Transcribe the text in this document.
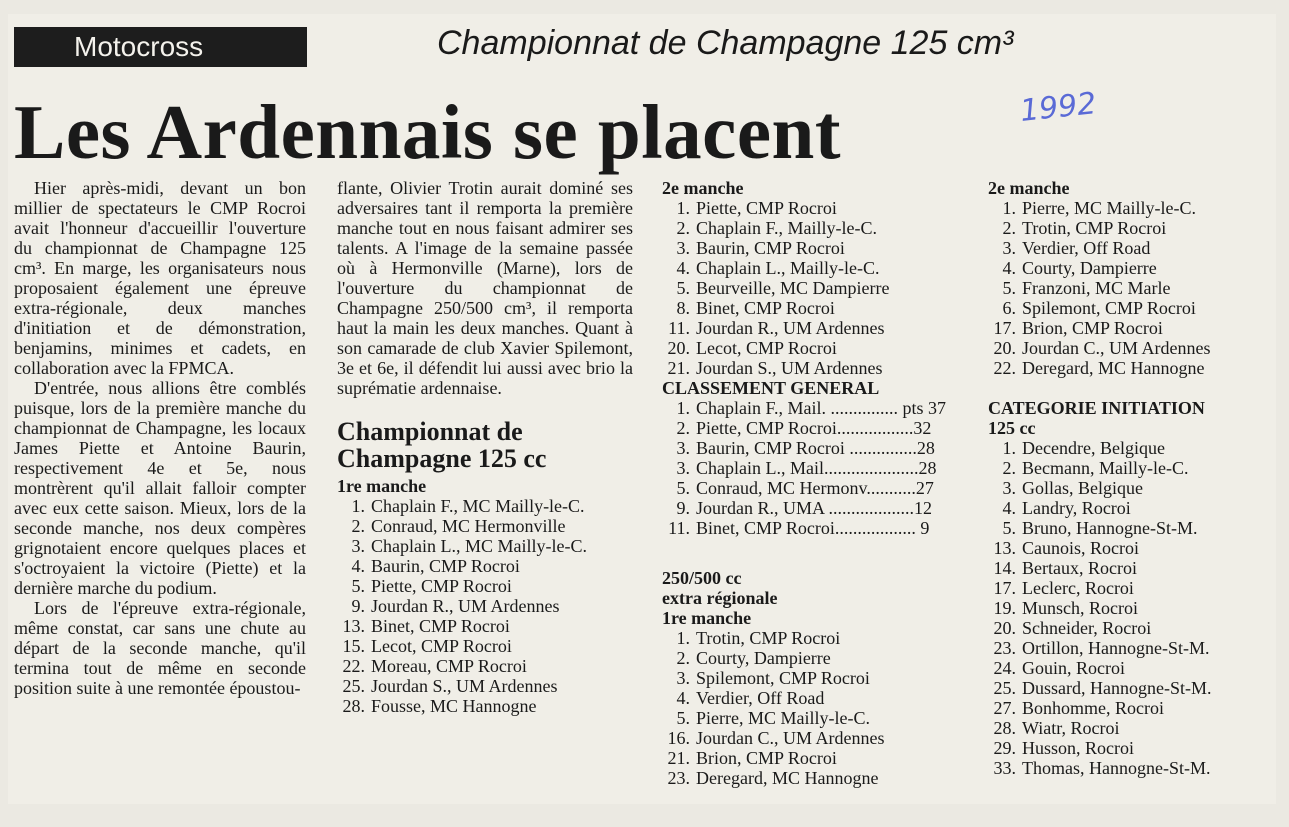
Motocross	Championnat de Champagne 125 cm³
Les Ardennais se placent	1992

Hier après-midi, devant un bon millier de spectateurs le CMP Rocroi avait l'honneur d'accueillir l'ouverture du championnat de Champagne 125 cm³. En marge, les organisateurs nous proposaient également une épreuve extra-régionale, deux manches d'initiation et de démonstration, benjamins, minimes et cadets, en collaboration avec la FPMCA.

D'entrée, nous allions être comblés puisque, lors de la première manche du championnat de Champagne, les locaux James Piette et Antoine Baurin, respectivement 4e et 5e, nous montrèrent qu'il allait falloir compter avec eux cette saison. Mieux, lors de la seconde manche, nos deux compères grignotaient encore quelques places et s'octroyaient la victoire (Piette) et la dernière marche du podium.

Lors de l'épreuve extra-régionale, même constat, car sans une chute au départ de la seconde manche, qu'il termina tout de même en seconde position suite à une remontée époustou-

flante, Olivier Trotin aurait dominé ses adversaires tant il remporta la première manche tout en nous faisant admirer ses talents. A l'image de la semaine passée où à Hermonville (Marne), lors de l'ouverture du championnat de Champagne 250/500 cm³, il remporta haut la main les deux manches. Quant à son camarade de club Xavier Spilemont, 3e et 6e, il défendit lui aussi avec brio la suprématie ardennaise.

Championnat de Champagne 125 cc
1re manche
1. Chaplain F., MC Mailly-le-C.
2. Conraud, MC Hermonville
3. Chaplain L., MC Mailly-le-C.
4. Baurin, CMP Rocroi
5. Piette, CMP Rocroi
9. Jourdan R., UM Ardennes
13. Binet, CMP Rocroi
15. Lecot, CMP Rocroi
22. Moreau, CMP Rocroi
25. Jourdan S., UM Ardennes
28. Fousse, MC Hannogne
2e manche
1. Piette, CMP Rocroi
2. Chaplain F., Mailly-le-C.
3. Baurin, CMP Rocroi
4. Chaplain L., Mailly-le-C.
5. Beurveille, MC Dampierre
8. Binet, CMP Rocroi
11. Jourdan R., UM Ardennes
20. Lecot, CMP Rocroi
21. Jourdan S., UM Ardennes
CLASSEMENT GENERAL
1. Chaplain F., Mail. ............... pts 37
2. Piette, CMP Rocroi.................32
3. Baurin, CMP Rocroi ...............28
3. Chaplain L., Mail.....................28
5. Conraud, MC Hermonv...........27
9. Jourdan R., UMA ...................12
11. Binet, CMP Rocroi.................. 9
250/500 cc
extra régionale
1re manche
1. Trotin, CMP Rocroi
2. Courty, Dampierre
3. Spilemont, CMP Rocroi
4. Verdier, Off Road
5. Pierre, MC Mailly-le-C.
16. Jourdan C., UM Ardennes
21. Brion, CMP Rocroi
23. Deregard, MC Hannogne
2e manche
1. Pierre, MC Mailly-le-C.
2. Trotin, CMP Rocroi
3. Verdier, Off Road
4. Courty, Dampierre
5. Franzoni, MC Marle
6. Spilemont, CMP Rocroi
17. Brion, CMP Rocroi
20. Jourdan C., UM Ardennes
22. Deregard, MC Hannogne
CATEGORIE INITIATION
125 cc
1. Decendre, Belgique
2. Becmann, Mailly-le-C.
3. Gollas, Belgique
4. Landry, Rocroi
5. Bruno, Hannogne-St-M.
13. Caunois, Rocroi
14. Bertaux, Rocroi
17. Leclerc, Rocroi
19. Munsch, Rocroi
20. Schneider, Rocroi
23. Ortillon, Hannogne-St-M.
24. Gouin, Rocroi
25. Dussard, Hannogne-St-M.
27. Bonhomme, Rocroi
28. Wiatr, Rocroi
29. Husson, Rocroi
33. Thomas, Hannogne-St-M.
